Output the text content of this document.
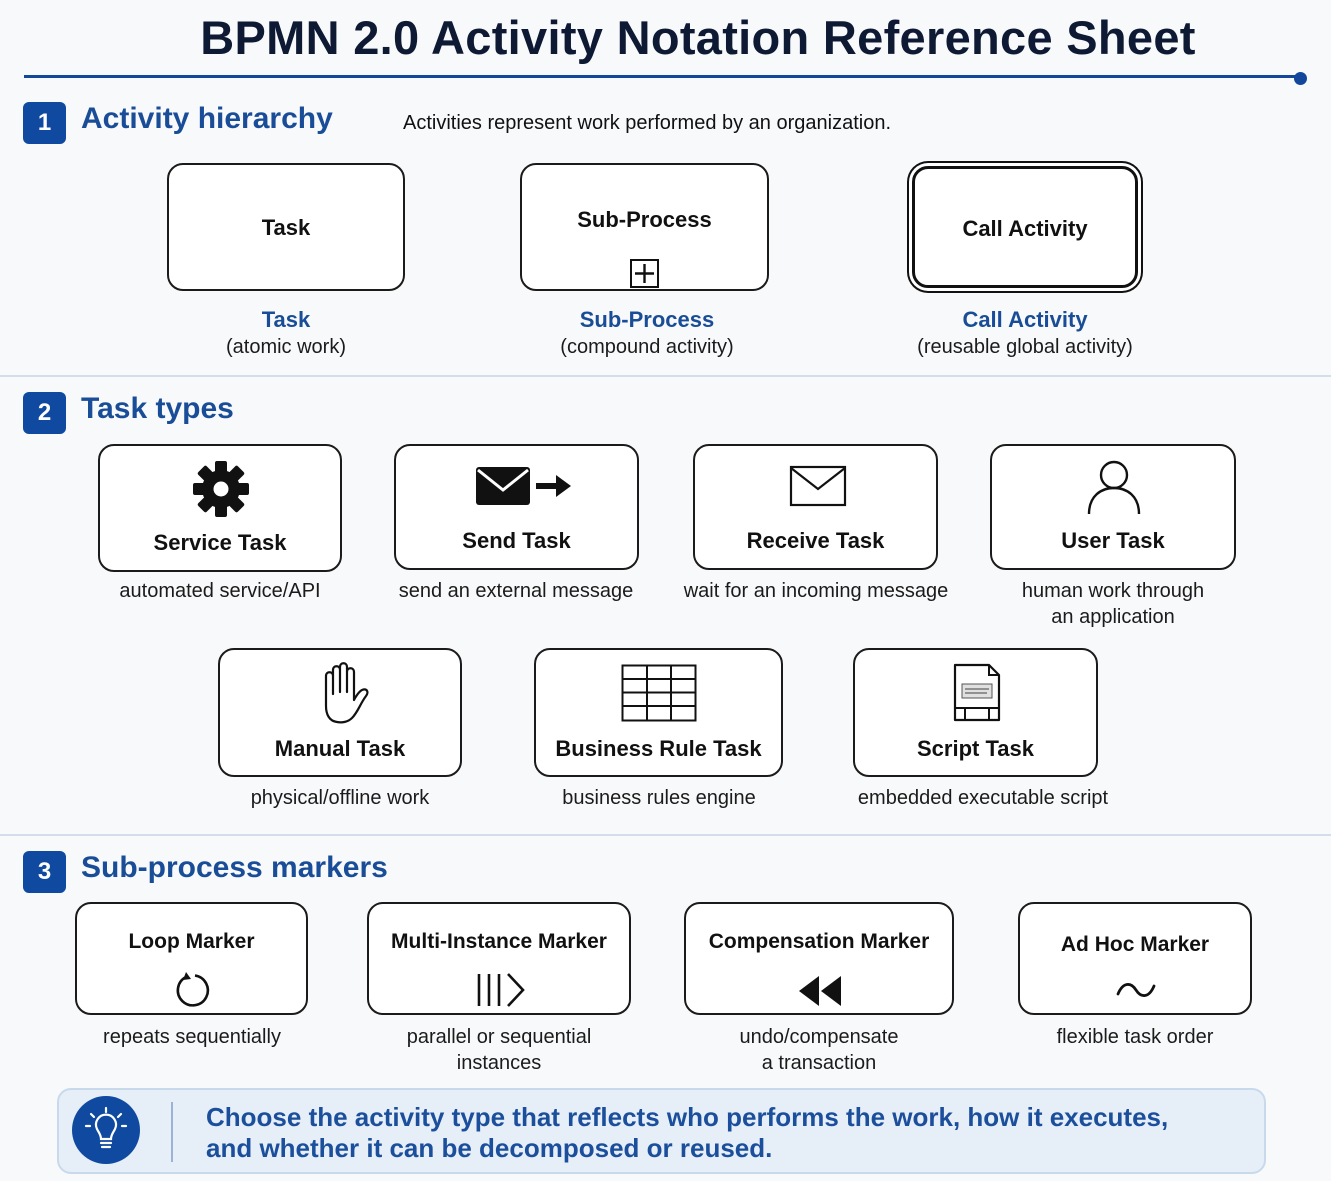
BPMN 2.0 Activity Notation Reference Sheet
1 Activity hierarchy	Activities represent work performed by an organization.
Task
Task
(atomic work)
Sub-Process
Sub-Process
(compound activity)
Call Activity
Call Activity
(reusable global activity)
2 Task types
Service Task
automated service/API
Send Task
send an external message
Receive Task
wait for an incoming message
User Task
human work through
an application
Manual Task
physical/offline work
Business Rule Task
business rules engine
Script Task
embedded executable script
3 Sub-process markers
Loop Marker
repeats sequentially
Multi-Instance Marker
parallel or sequential
instances
Compensation Marker
undo/compensate
a transaction
Ad Hoc Marker
flexible task order
Choose the activity type that reflects who performs the work, how it executes,
and whether it can be decomposed or reused.
